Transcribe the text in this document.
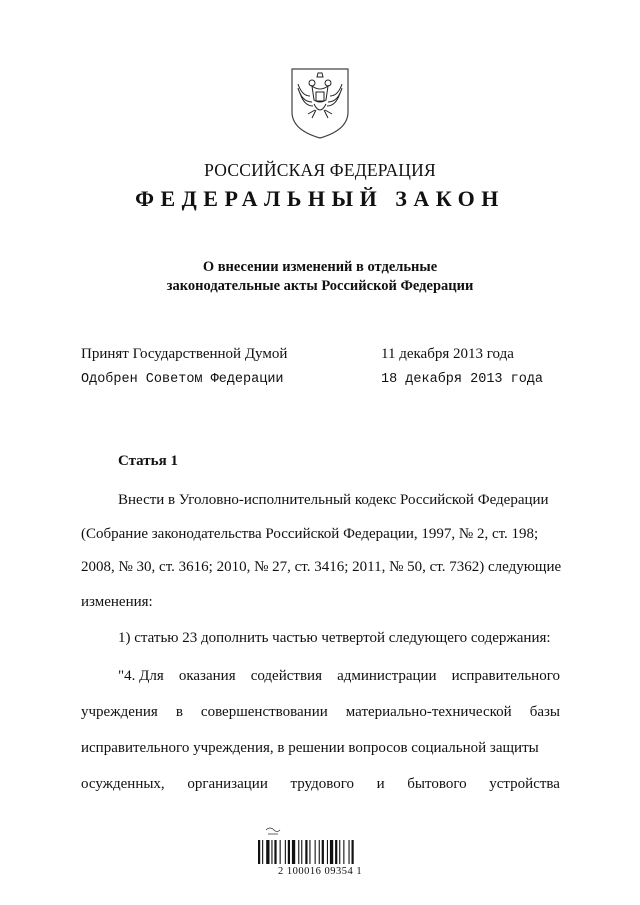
РОССИЙСКАЯ ФЕДЕРАЦИЯ
ФЕДЕРАЛЬНЫЙ ЗАКОН
О внесении изменений в отдельные
законодательные акты Российской Федерации
Принят Государственной Думой	11 декабря 2013 года
Одобрен Советом Федерации	18 декабря 2013 года
Статья 1
Внести в Уголовно-исполнительный кодекс Российской Федерации
(Собрание законодательства Российской Федерации, 1997, № 2, ст. 198;
2008, № 30, ст. 3616; 2010, № 27, ст. 3416; 2011, № 50, ст. 7362) следующие
изменения:
1) статью 23 дополнить частью четвертой следующего содержания:
"4. Для оказания содействия администрации исправительного
учреждения в совершенствовании материально-технической базы
исправительного учреждения, в решении вопросов социальной защиты
осужденных, организации трудового и бытового устройства
2 100016 09354 1
